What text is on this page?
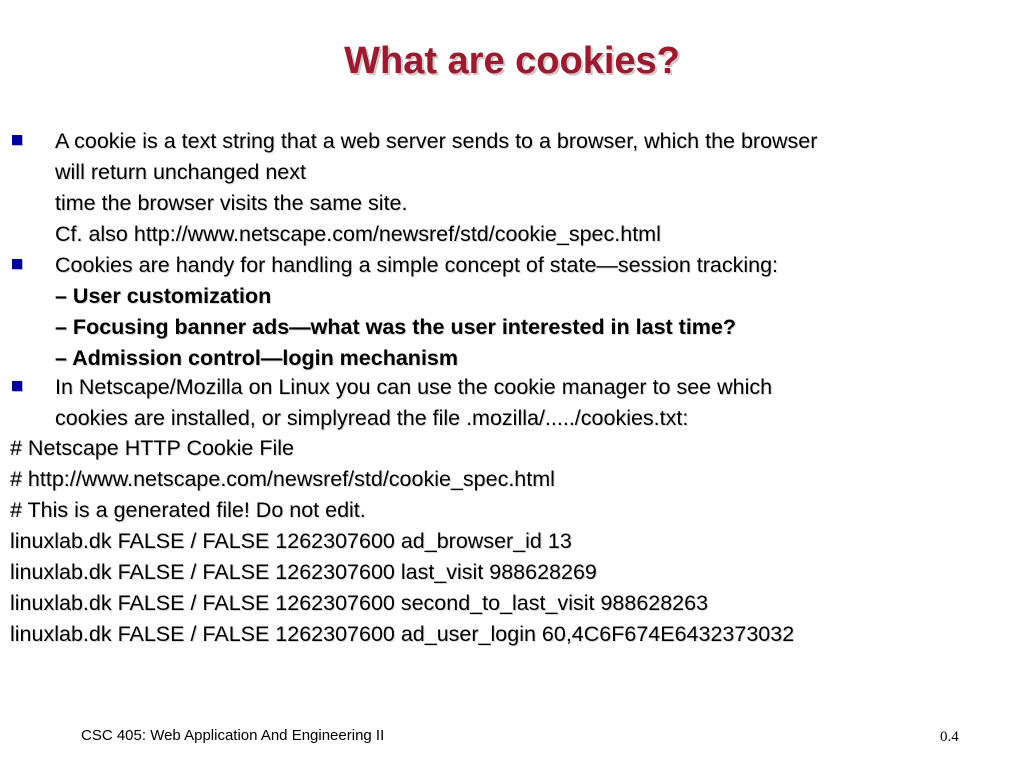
What are cookies?
A cookie is a text string that a web server sends to a browser, which the browser
will return unchanged next
time the browser visits the same site.
Cf. also http://www.netscape.com/newsref/std/cookie_spec.html
Cookies are handy for handling a simple concept of state—session tracking:
– User customization
– Focusing banner ads—what was the user interested in last time?
– Admission control—login mechanism
In Netscape/Mozilla on Linux you can use the cookie manager to see which
cookies are installed, or simplyread the file .mozilla/...../cookies.txt:
# Netscape HTTP Cookie File
# http://www.netscape.com/newsref/std/cookie_spec.html
# This is a generated file! Do not edit.
linuxlab.dk FALSE / FALSE 1262307600 ad_browser_id 13
linuxlab.dk FALSE / FALSE 1262307600 last_visit 988628269
linuxlab.dk FALSE / FALSE 1262307600 second_to_last_visit 988628263
linuxlab.dk FALSE / FALSE 1262307600 ad_user_login 60,4C6F674E6432373032
CSC 405: Web Application And Engineering II	0.4
